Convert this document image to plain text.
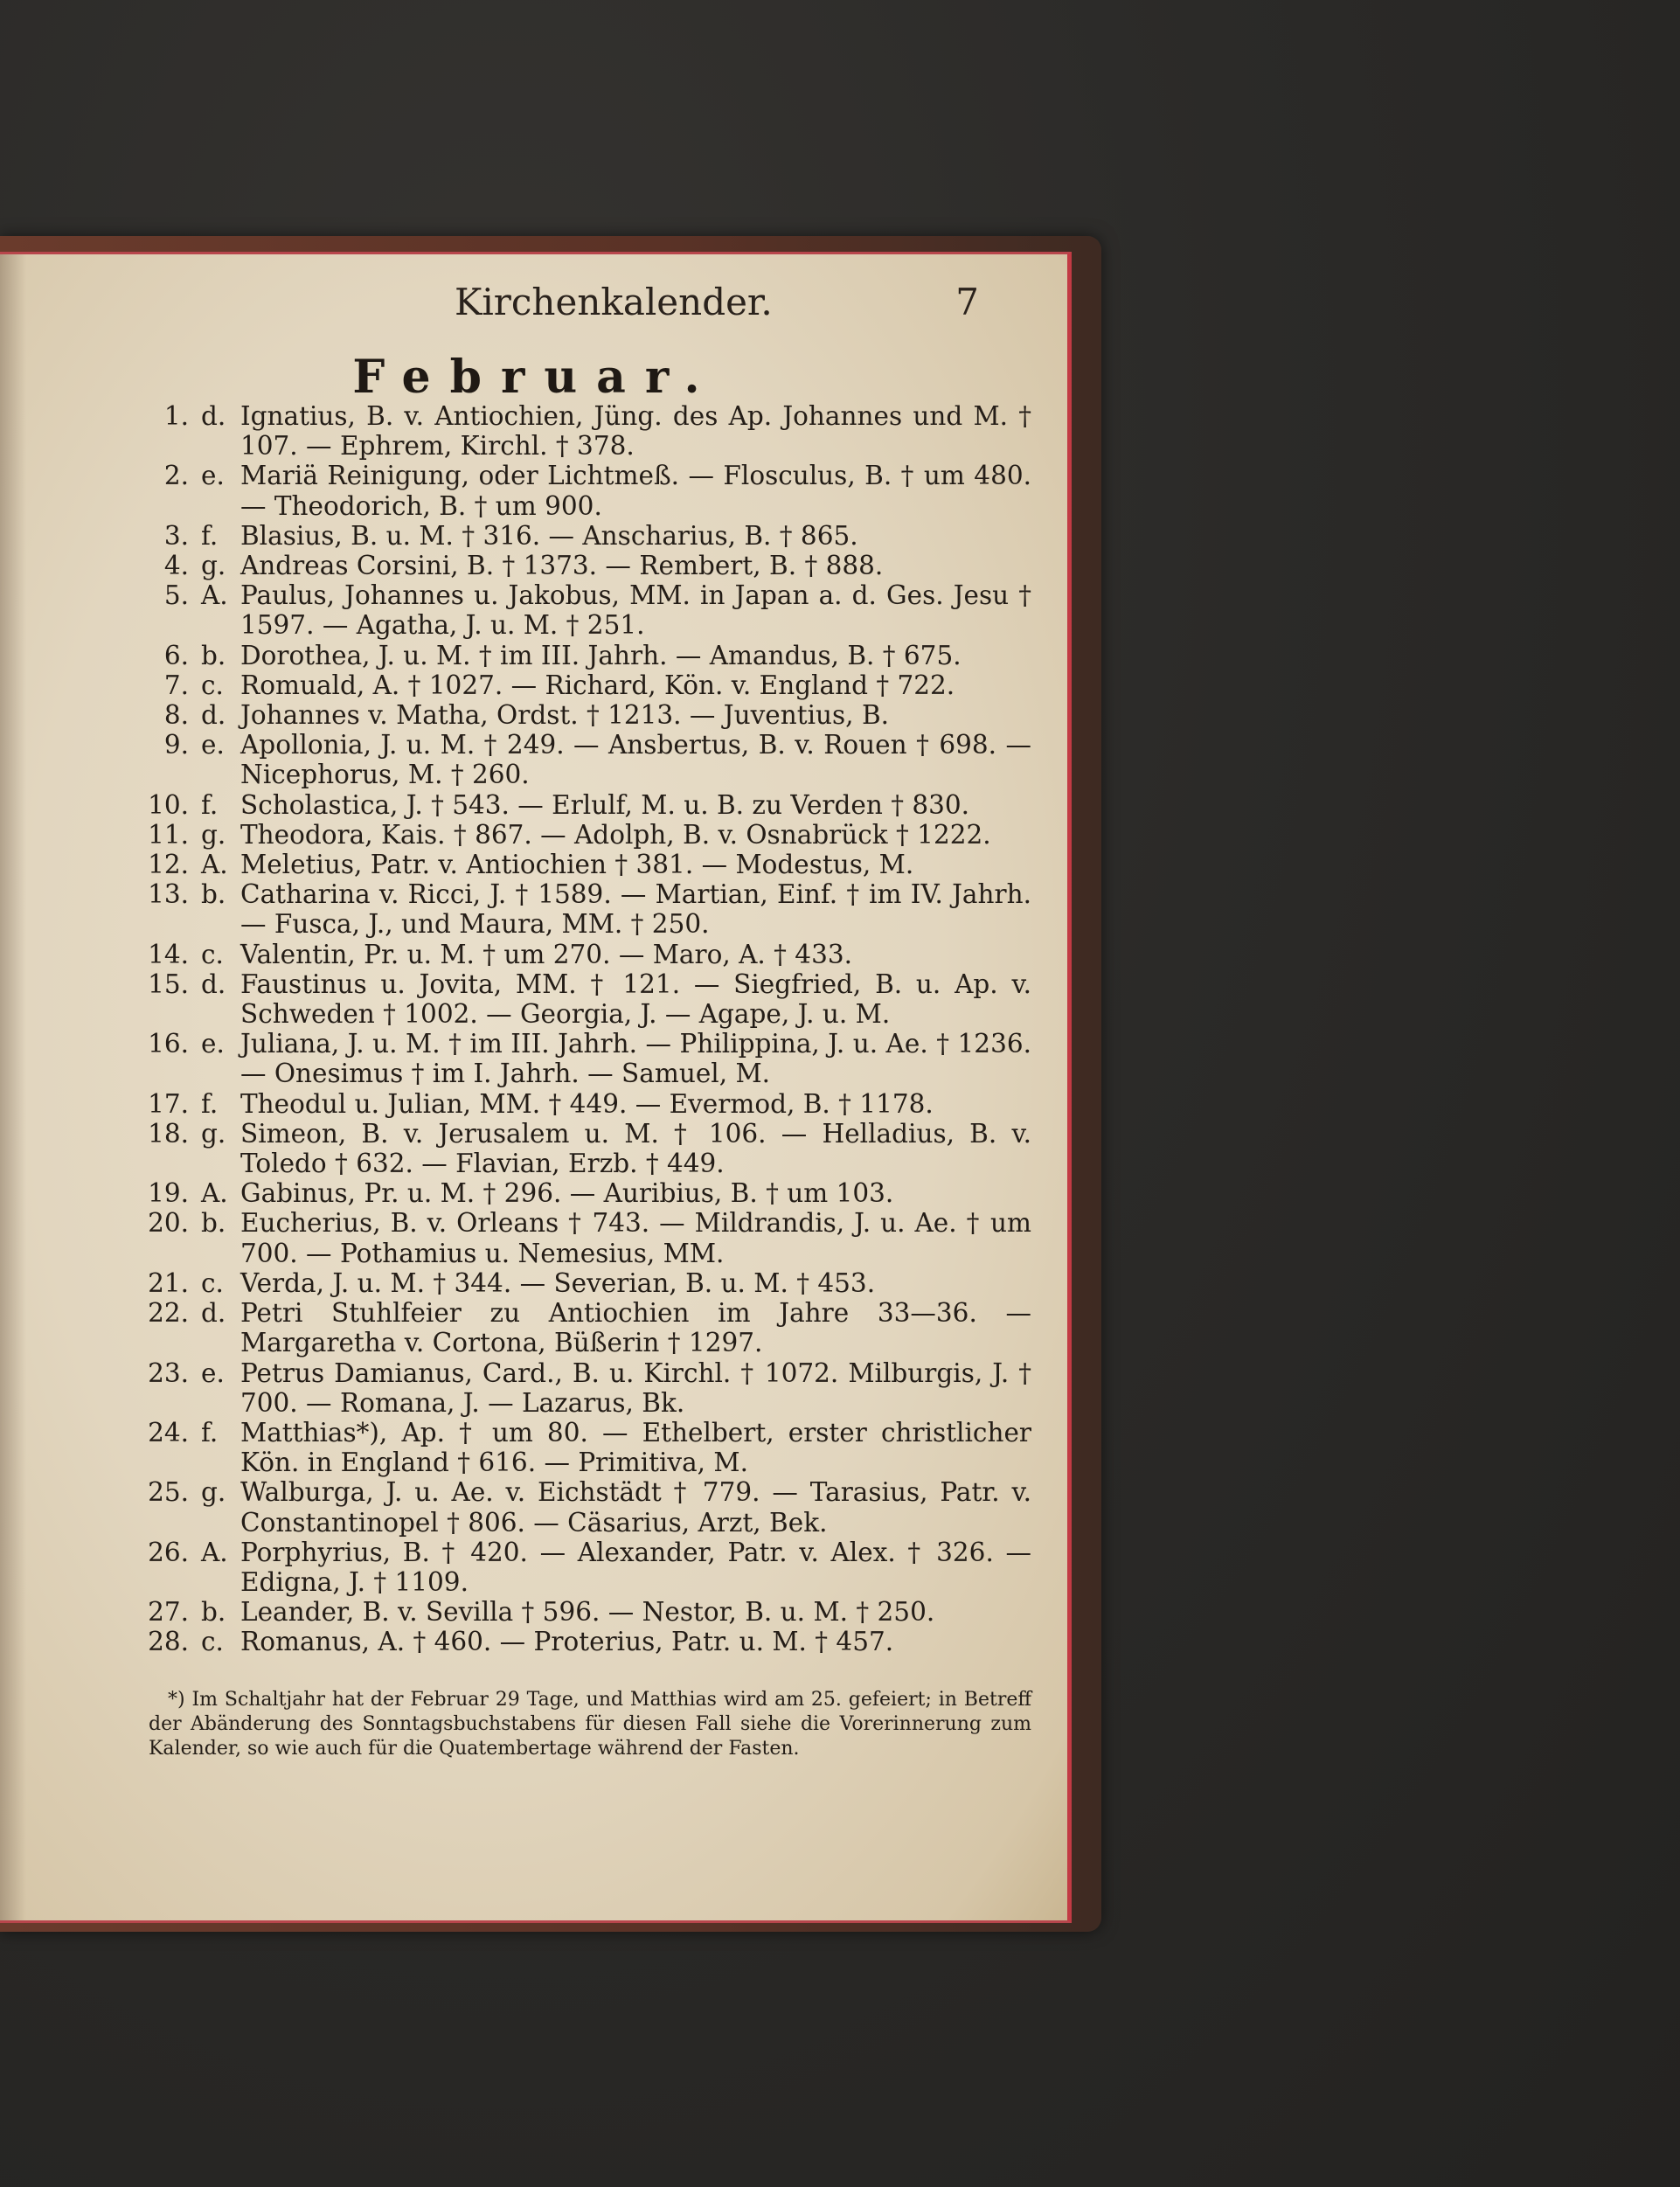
Kirchenkalender.	7
Februar.
1. d. Ignatius, B. v. Antiochien, Jüng. des Ap. Johannes und M. † 107. — Ephrem, Kirchl. † 378.
2. e. Mariä Reinigung, oder Lichtmeß. — Flosculus, B. † um 480. — Theodorich, B. † um 900.
3. f. Blasius, B. u. M. † 316. — Anscharius, B. † 865.
4. g. Andreas Corsini, B. † 1373. — Rembert, B. † 888.
5. A. Paulus, Johannes u. Jakobus, MM. in Japan a. d. Ges. Jesu † 1597. — Agatha, J. u. M. † 251.
6. b. Dorothea, J. u. M. † im III. Jahrh. — Amandus, B. † 675.
7. c. Romuald, A. † 1027. — Richard, Kön. v. England † 722.
8. d. Johannes v. Matha, Ordst. † 1213. — Juventius, B.
9. e. Apollonia, J. u. M. † 249. — Ansbertus, B. v. Rouen † 698. — Nicephorus, M. † 260.
10. f. Scholastica, J. † 543. — Erlulf, M. u. B. zu Verden † 830.
11. g. Theodora, Kais. † 867. — Adolph, B. v. Osnabrück † 1222.
12. A. Meletius, Patr. v. Antiochien † 381. — Modestus, M.
13. b. Catharina v. Ricci, J. † 1589. — Martian, Einf. † im IV. Jahrh. — Fusca, J., und Maura, MM. † 250.
14. c. Valentin, Pr. u. M. † um 270. — Maro, A. † 433.
15. d. Faustinus u. Jovita, MM. † 121. — Siegfried, B. u. Ap. v. Schweden † 1002. — Georgia, J. — Agape, J. u. M.
16. e. Juliana, J. u. M. † im III. Jahrh. — Philippina, J. u. Ae. † 1236. — Onesimus † im I. Jahrh. — Samuel, M.
17. f. Theodul u. Julian, MM. † 449. — Evermod, B. † 1178.
18. g. Simeon, B. v. Jerusalem u. M. † 106. — Helladius, B. v. Toledo † 632. — Flavian, Erzb. † 449.
19. A. Gabinus, Pr. u. M. † 296. — Auribius, B. † um 103.
20. b. Eucherius, B. v. Orleans † 743. — Mildrandis, J. u. Ae. † um 700. — Pothamius u. Nemesius, MM.
21. c. Verda, J. u. M. † 344. — Severian, B. u. M. † 453.
22. d. Petri Stuhlfeier zu Antiochien im Jahre 33—36. — Margaretha v. Cortona, Büßerin † 1297.
23. e. Petrus Damianus, Card., B. u. Kirchl. † 1072. Milburgis, J. † 700. — Romana, J. — Lazarus, Bk.
24. f. Matthias*), Ap. † um 80. — Ethelbert, erster christlicher Kön. in England † 616. — Primitiva, M.
25. g. Walburga, J. u. Ae. v. Eichstädt † 779. — Tarasius, Patr. v. Constantinopel † 806. — Cäsarius, Arzt, Bek.
26. A. Porphyrius, B. † 420. — Alexander, Patr. v. Alex. † 326. — Edigna, J. † 1109.
27. b. Leander, B. v. Sevilla † 596. — Nestor, B. u. M. † 250.
28. c. Romanus, A. † 460. — Proterius, Patr. u. M. † 457.
*) Im Schaltjahr hat der Februar 29 Tage, und Matthias wird am 25. gefeiert; in Betreff der Abänderung des Sonntagsbuchstabens für diesen Fall siehe die Vorerinnerung zum Kalender, so wie auch für die Quatembertage während der Fasten.
